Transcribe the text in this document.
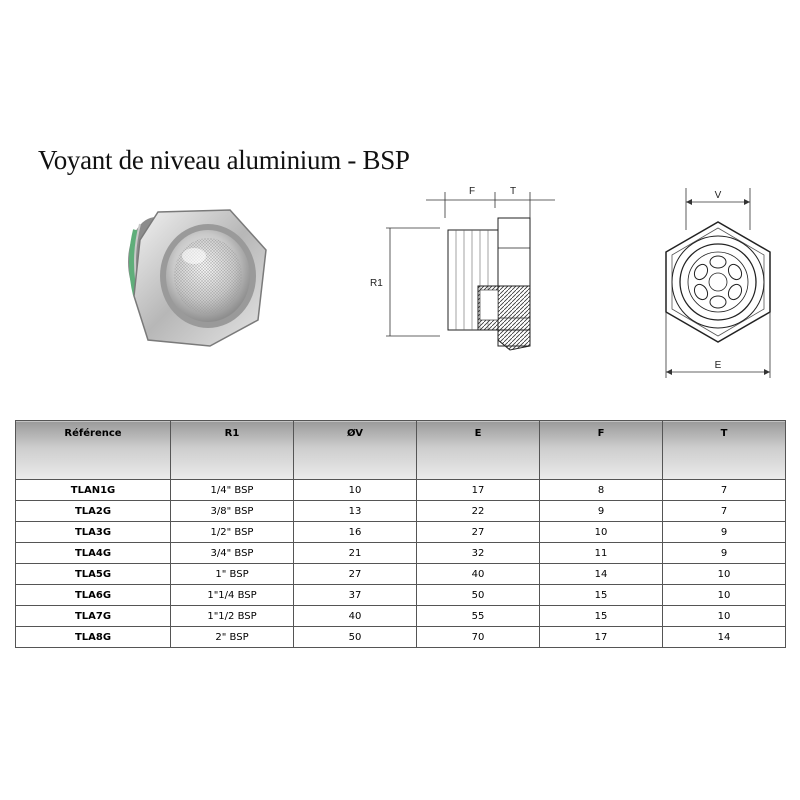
Voyant de niveau aluminium - BSP
F	T
R1
V
E
Référence	R1	ØV	E	F	T
TLAN1G	1/4" BSP	10	17	8	7
TLA2G	3/8" BSP	13	22	9	7
TLA3G	1/2" BSP	16	27	10	9
TLA4G	3/4" BSP	21	32	11	9
TLA5G	1" BSP	27	40	14	10
TLA6G	1"1/4 BSP	37	50	15	10
TLA7G	1"1/2 BSP	40	55	15	10
TLA8G	2" BSP	50	70	17	14
